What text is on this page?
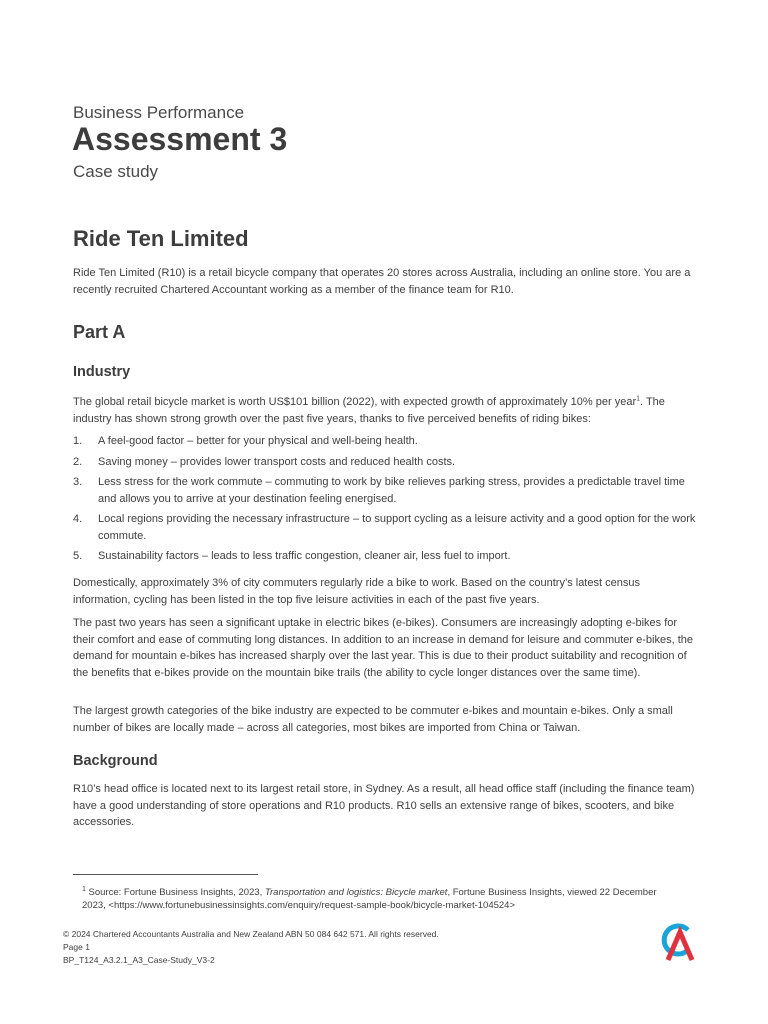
Business Performance
Assessment 3
Case study
Ride Ten Limited

Ride Ten Limited (R10) is a retail bicycle company that operates 20 stores across Australia, including an online store. You are a recently recruited Chartered Accountant working as a member of the finance team for R10.

Part A
Industry

The global retail bicycle market is worth US$101 billion (2022), with expected growth of approximately 10% per year$^1$. The industry has shown strong growth over the past five years, thanks to five perceived benefits of riding bikes:

1. A feel-good factor – better for your physical and well-being health.
2. Saving money – provides lower transport costs and reduced health costs.
3. Less stress for the work commute – commuting to work by bike relieves parking stress, provides a predictable travel time and allows you to arrive at your destination feeling energised.
4. Local regions providing the necessary infrastructure – to support cycling as a leisure activity and a good option for the work commute.
5. Sustainability factors – leads to less traffic congestion, cleaner air, less fuel to import.

Domestically, approximately 3% of city commuters regularly ride a bike to work. Based on the country’s latest census information, cycling has been listed in the top five leisure activities in each of the past five years.

The past two years has seen a significant uptake in electric bikes (e-bikes). Consumers are increasingly adopting e-bikes for their comfort and ease of commuting long distances. In addition to an increase in demand for leisure and commuter e-bikes, the demand for mountain e-bikes has increased sharply over the last year. This is due to their product suitability and recognition of the benefits that e-bikes provide on the mountain bike trails (the ability to cycle longer distances over the same time).

The largest growth categories of the bike industry are expected to be commuter e-bikes and mountain e-bikes. Only a small number of bikes are locally made – across all categories, most bikes are imported from China or Taiwan.

Background

R10’s head office is located next to its largest retail store, in Sydney. As a result, all head office staff (including the finance team) have a good understanding of store operations and R10 products. R10 sells an extensive range of bikes, scooters, and bike accessories.

$^1$ Source: Fortune Business Insights, 2023, Transportation and logistics: Bicycle market, Fortune Business Insights, viewed 22 December 2023, <https://www.fortunebusinessinsights.com/enquiry/request-sample-book/bicycle-market-104524>
© 2024 Chartered Accountants Australia and New Zealand ABN 50 084 642 571. All rights reserved.
Page 1
BP_T124_A3.2.1_A3_Case-Study_V3-2
